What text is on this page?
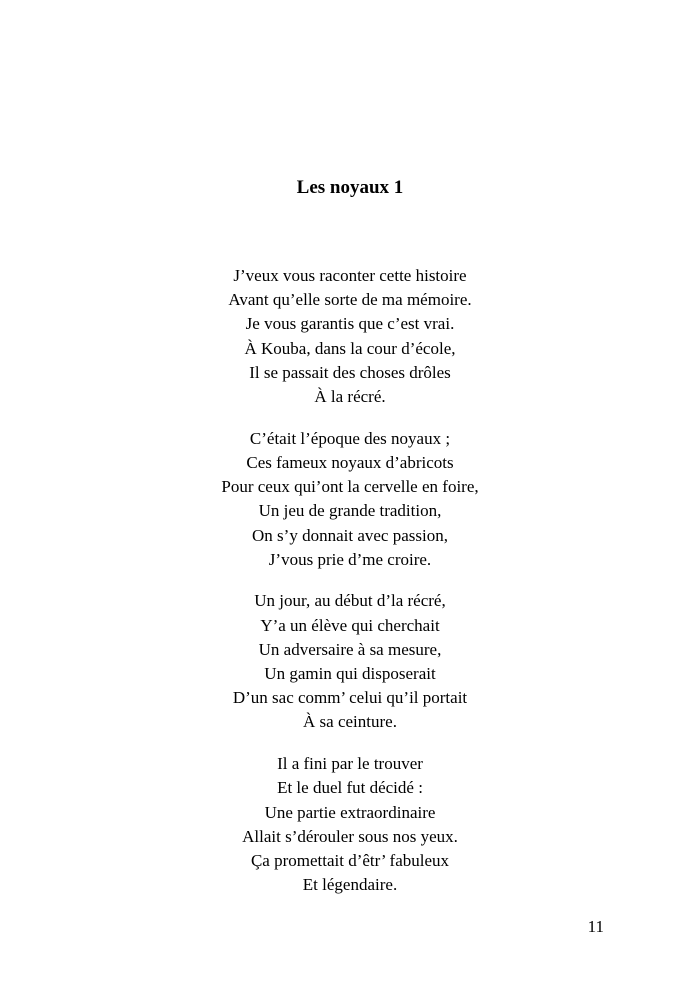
Les noyaux 1
J’veux vous raconter cette histoire
Avant qu’elle sorte de ma mémoire.
Je vous garantis que c’est vrai.
À Kouba, dans la cour d’école,
Il se passait des choses drôles
À la récré.
C’était l’époque des noyaux ;
Ces fameux noyaux d’abricots
Pour ceux qui’ont la cervelle en foire,
Un jeu de grande tradition,
On s’y donnait avec passion,
J’vous prie d’me croire.
Un jour, au début d’la récré,
Y’a un élève qui cherchait
Un adversaire à sa mesure,
Un gamin qui disposerait
D’un sac comm’ celui qu’il portait
À sa ceinture.
Il a fini par le trouver
Et le duel fut décidé :
Une partie extraordinaire
Allait s’dérouler sous nos yeux.
Ça promettait d’êtr’ fabuleux
Et légendaire.
11
